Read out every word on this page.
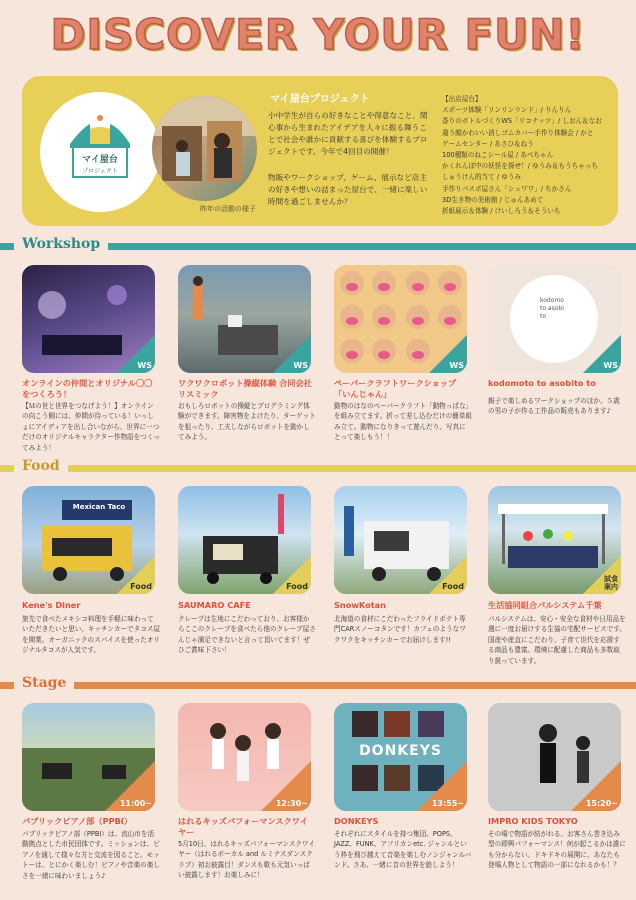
DISCOVER YOUR FUN!
マイ屋台
プロジェクト
昨年の活動の様子
マイ屋台プロジェクト
小中学生が自らの好きなことや得意なこと、関心事から生まれたアイデアを人々に振る舞うことで社会や誰かに貢献する喜びを体験するプロジェクトです。今年で4回目の開催！
物販やワークショップ、ゲーム、展示など店主の好きや想いの詰まった屋台で、一緒に楽しい時間を過ごしませんか？
【出店屋台】
スポーツ体験「リンリンランド」/ りんりん
香りのボトルづくりWS「リコナッツ」/ しおん＆なお
違う顔かわいい消しゴムカバー手作り体験会 / かと
ゲームセンター / あさひ＆ねう
100種類のねこシール屋 / あべちゃん
かくれんぼ中の妖怪を探せ！/ ゆうみ＆もうちゃっち
しゅうけん的当て / ゆうみ
手作りパスポ屋さん「シュワワ」/ ちかさん
3D生き物の美術館 / じゅんあめて
折紙展示＆体験 / けいしろう＆そういち
Workshop
WS	WS	WS
kodomo to asobi to
WS
オンラインの仲間とオリジナル〇〇をつくろう！
【Ｍの世と世界をつなげよう！】オンラインの向こう側には、仲間が待っている！いっしょにアイディアを出し合いながら、世界に一つだけのオリジナルキャラクター作物語をつくってみよう！
ワクワクロボット操縦体験 合同会社リスミック
おもしろロボットの操縦とプログラミング体験ができます。障害物をよけたり、ターゲットを狙ったり、工夫しながらロボットを動かしてみよう。
ペーパークラフトワークショップ「いんじゃん」
動物のはなのペーパークラフト「動物っぱな」を組み立てます。折って差し込むだけの簡単組み立て。動物になりきって遊んだり、写真にとって楽しもう！！
kodomoto to asobito to
親子で楽しめるワークショップのほか、５歳の男の子が作る工作品の販売もあります♪
Food
Mexican Taco
Food	Food	Food
試食
案内
Kene's Diner
旅先で食べたメキシコ料理を手軽に味わっていただきたいと思い、キッチンカーでタコス屋を開業。オーガニックのスパイスを使ったオリジナルタコスが人気です。
SAUMARO CAFE
クレープは生地にこだわっており、お客様からここのクレープを食べたら他のクレープ屋さんじゃ満足できないと言って頂いてます！ぜひご賞味下さい！
SnowKotan
北海道の食材にこだわったフライドポテト専門CARスノーコタンです！カフェのようなワクワクをキッチンカーでお届けします!!
生活協同組合パルシステム千葉
パルシステムは、安心・安全な食材や日用品を週に一度お届けする生協の宅配サービスです。国産や産直にこだわり、子育て世代を応援する商品も豊富。環境に配慮した商品も多数取り扱っています。
Stage
11:00~	12:30~
DONKEYS
13:55~	15:20~
パブリックピアノ部（PPBI）
パブリックピアノ部（PPBI）は、流山市を活動拠点とした市民団体です。ミッションは、ピアノを通して様々な方と交流を図ること。モットーは、とにかく楽しむ！ピアノや音楽の楽しさを一緒に味わいましょう♪
はれるキッズパフォーマンスクワイヤー
5月10日、はれるキッズパフォーマンスクワイヤー（はれるボーカル and ルミナスダンスクラブ）初お披露目！ダンスも歌も元気いっぱい披露します！お楽しみに！
DONKEYS
それぞれにスタイルを持つ集団、POPS、JAZZ、FUNK、アフリカンetc. ジャンルという枠を飛び越えて音楽を楽しむノンジャンルバンド。さあ、一緒に音の世界を旅しよう！
IMPRO KIDS TOKYO
その場で物語が紡がれる、お客さん巻き込み型の即興パフォーマンス！何が起こるかは誰にも分からない。ドキドキの展開に、あなたも登場人物として物語の一部になれるかも！？
